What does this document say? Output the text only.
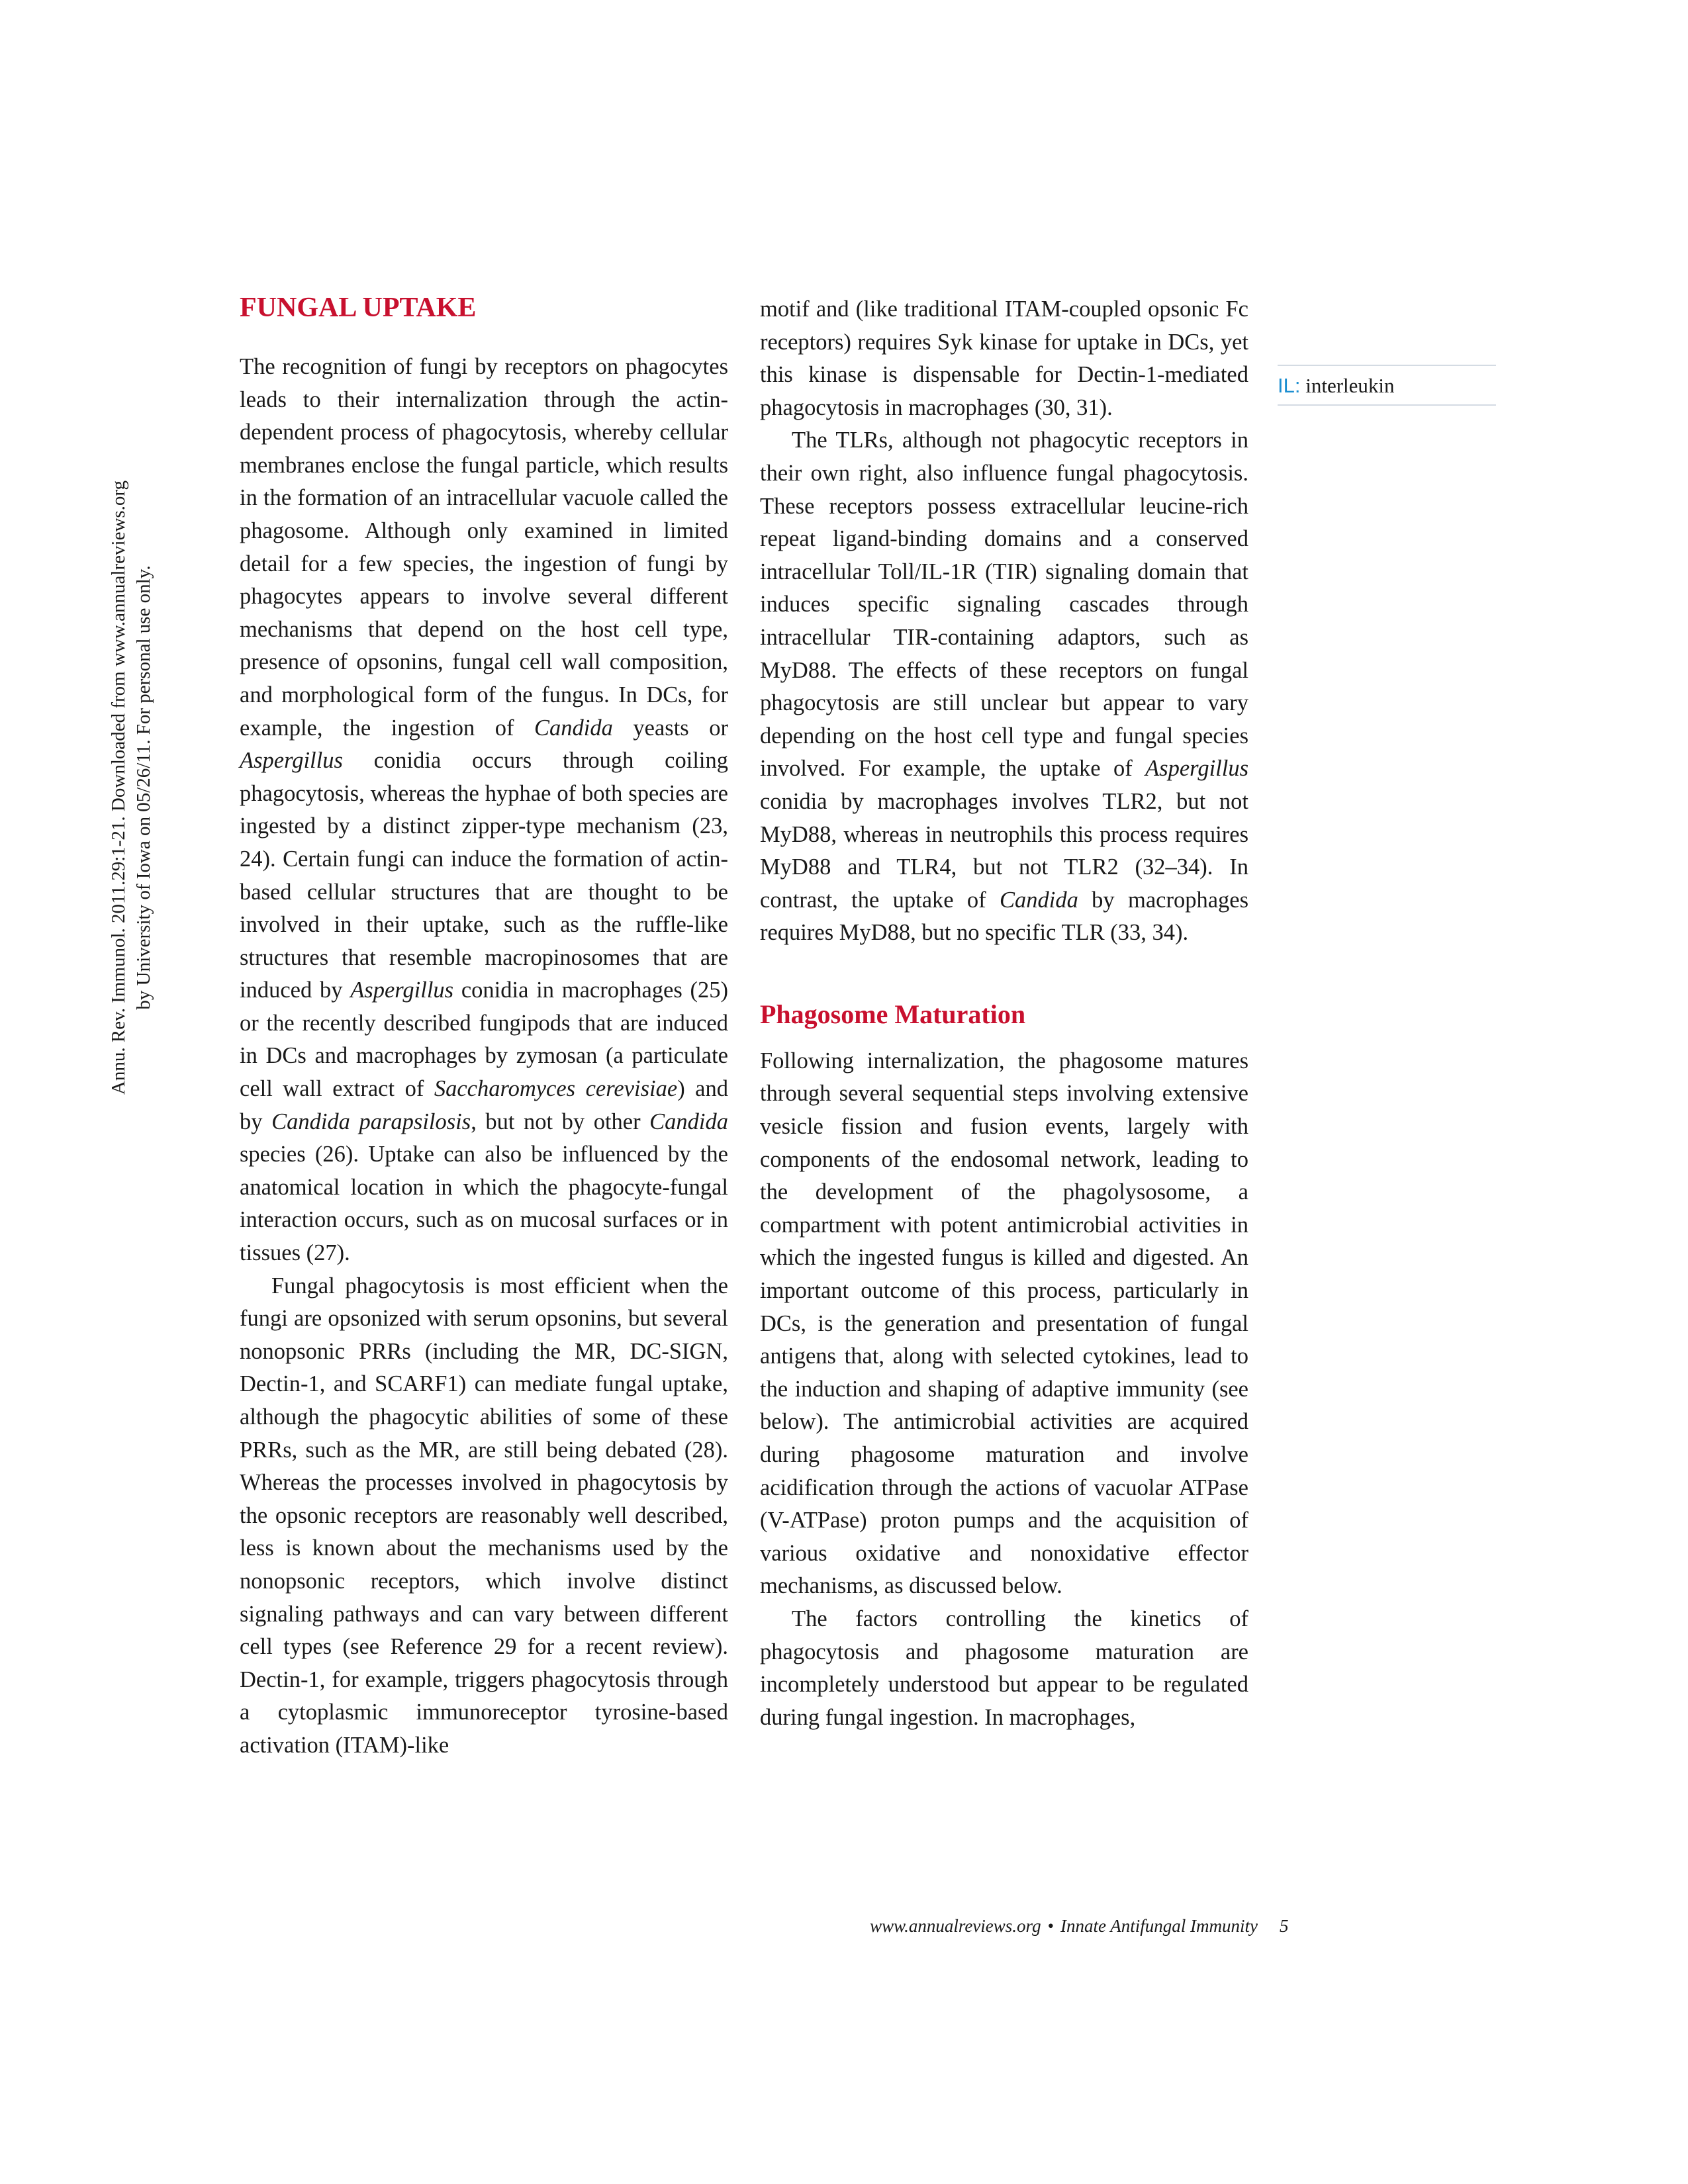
FUNGAL UPTAKE

The recognition of fungi by receptors on phagocytes leads to their internalization through the actin-dependent process of phagocytosis, whereby cellular membranes enclose the fungal particle, which results in the formation of an intracellular vacuole called the phagosome. Although only examined in limited detail for a few species, the ingestion of fungi by phagocytes appears to involve several different mechanisms that depend on the host cell type, presence of opsonins, fungal cell wall composition, and morphological form of the fungus. In DCs, for example, the ingestion of Candida yeasts or Aspergillus conidia occurs through coiling phagocytosis, whereas the hyphae of both species are ingested by a distinct zipper-type mechanism (23, 24). Certain fungi can induce the formation of actin-based cellular structures that are thought to be involved in their uptake, such as the ruffle-like structures that resemble macropinosomes that are induced by Aspergillus conidia in macrophages (25) or the recently described fungipods that are induced in DCs and macrophages by zymosan (a particulate cell wall extract of Saccharomyces cerevisiae) and by Candida parapsilosis, but not by other Candida species (26). Uptake can also be influenced by the anatomical location in which the phagocyte-fungal interaction occurs, such as on mucosal surfaces or in tissues (27).

Fungal phagocytosis is most efficient when the fungi are opsonized with serum opsonins, but several nonopsonic PRRs (including the MR, DC-SIGN, Dectin-1, and SCARF1) can mediate fungal uptake, although the phagocytic abilities of some of these PRRs, such as the MR, are still being debated (28). Whereas the processes involved in phagocytosis by the opsonic receptors are reasonably well described, less is known about the mechanisms used by the nonopsonic receptors, which involve distinct signaling pathways and can vary between different cell types (see Reference 29 for a recent review). Dectin-1, for example, triggers phagocytosis through a cytoplasmic immunoreceptor tyrosine-based activation (ITAM)-like

motif and (like traditional ITAM-coupled opsonic Fc receptors) requires Syk kinase for uptake in DCs, yet this kinase is dispensable for Dectin-1-mediated phagocytosis in macrophages (30, 31).

The TLRs, although not phagocytic receptors in their own right, also influence fungal phagocytosis. These receptors possess extracellular leucine-rich repeat ligand-binding domains and a conserved intracellular Toll/IL-1R (TIR) signaling domain that induces specific signaling cascades through intracellular TIR-containing adaptors, such as MyD88. The effects of these receptors on fungal phagocytosis are still unclear but appear to vary depending on the host cell type and fungal species involved. For example, the uptake of Aspergillus conidia by macrophages involves TLR2, but not MyD88, whereas in neutrophils this process requires MyD88 and TLR4, but not TLR2 (32–34). In contrast, the uptake of Candida by macrophages requires MyD88, but no specific TLR (33, 34).

Phagosome Maturation

Following internalization, the phagosome matures through several sequential steps involving extensive vesicle fission and fusion events, largely with components of the endosomal network, leading to the development of the phagolysosome, a compartment with potent antimicrobial activities in which the ingested fungus is killed and digested. An important outcome of this process, particularly in DCs, is the generation and presentation of fungal antigens that, along with selected cytokines, lead to the induction and shaping of adaptive immunity (see below). The antimicrobial activities are acquired during phagosome maturation and involve acidification through the actions of vacuolar ATPase (V-ATPase) proton pumps and the acquisition of various oxidative and nonoxidative effector mechanisms, as discussed below.

The factors controlling the kinetics of phagocytosis and phagosome maturation are incompletely understood but appear to be regulated during fungal ingestion. In macrophages,

IL: interleukin
Annu. Rev. Immunol. 2011.29:1-21. Downloaded from www.annualreviews.org by University of Iowa on 05/26/11. For personal use only.
www.annualreviews.org • Innate Antifungal Immunity 5
